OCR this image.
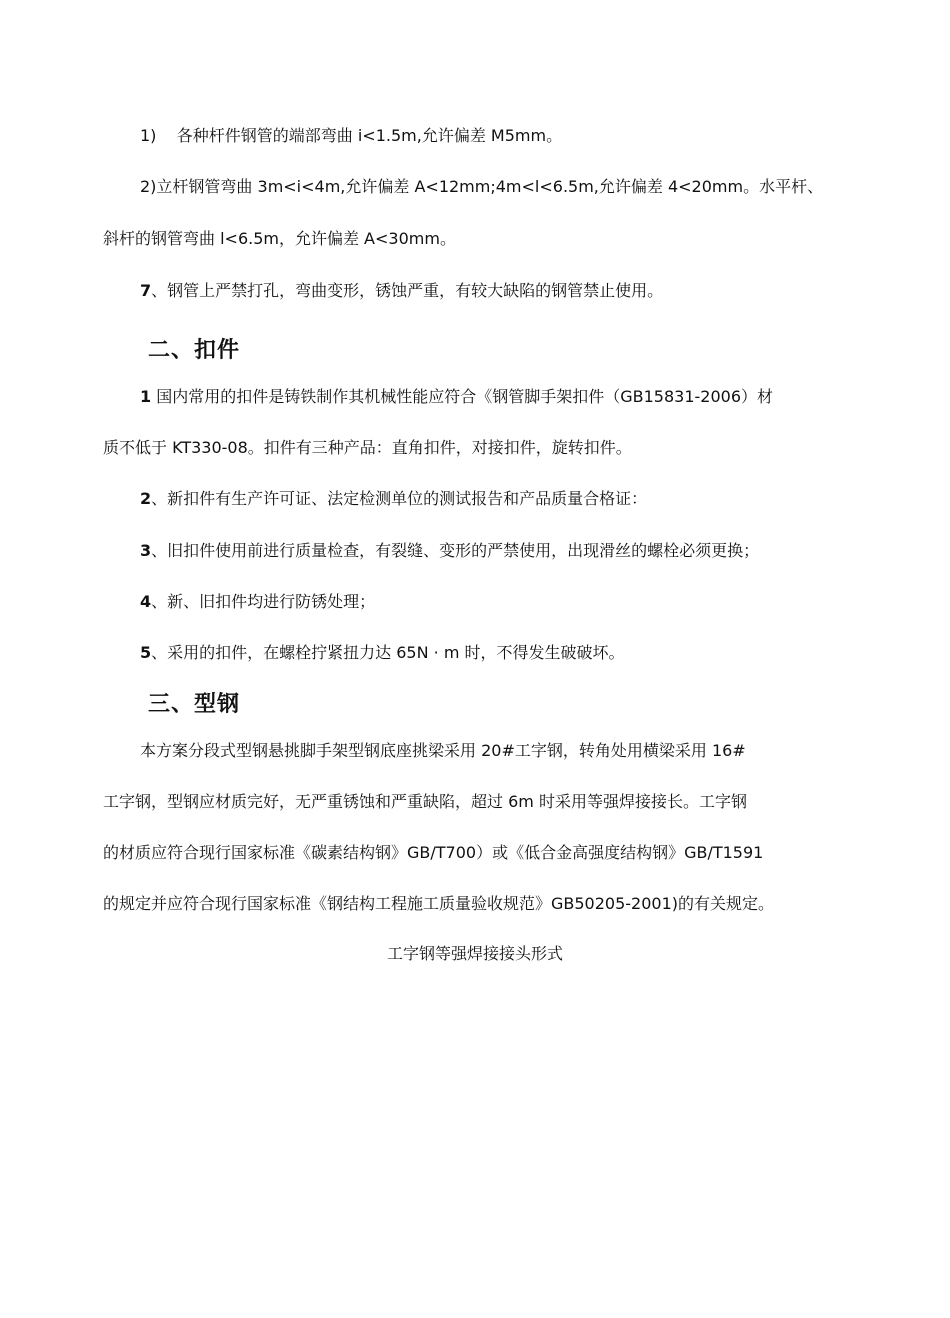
1)    各种杆件钢管的端部弯曲 i<1.5m,允许偏差 M5mm。
2)立杆钢管弯曲 3m<i<4m,允许偏差 A<12mm;4m<l<6.5m,允许偏差 4<20mm。水平杆、
斜杆的钢管弯曲 l<6.5m，允许偏差 A<30mm。
7、钢管上严禁打孔，弯曲变形，锈蚀严重，有较大缺陷的钢管禁止使用。
二、扣件
1 国内常用的扣件是铸铁制作其机械性能应符合《钢管脚手架扣件（GB15831-2006）材
质不低于 KT330-08。扣件有三种产品：直角扣件，对接扣件，旋转扣件。
2、新扣件有生产许可证、法定检测单位的测试报告和产品质量合格证：
3、旧扣件使用前进行质量检查，有裂缝、变形的严禁使用，出现滑丝的螺栓必须更换；
4、新、旧扣件均进行防锈处理；
5、采用的扣件，在螺栓拧紧扭力达 65N · m 时，不得发生破破坏。
三、型钢
本方案分段式型钢悬挑脚手架型钢底座挑梁采用 20#工字钢，转角处用横梁采用 16#
工字钢，型钢应材质完好，无严重锈蚀和严重缺陷，超过 6m 时采用等强焊接接长。工字钢
的材质应符合现行国家标准《碳素结构钢》GB/T700）或《低合金高强度结构钢》GB/T1591
的规定并应符合现行国家标准《钢结构工程施工质量验收规范》GB50205-2001)的有关规定。
工字钢等强焊接接头形式
